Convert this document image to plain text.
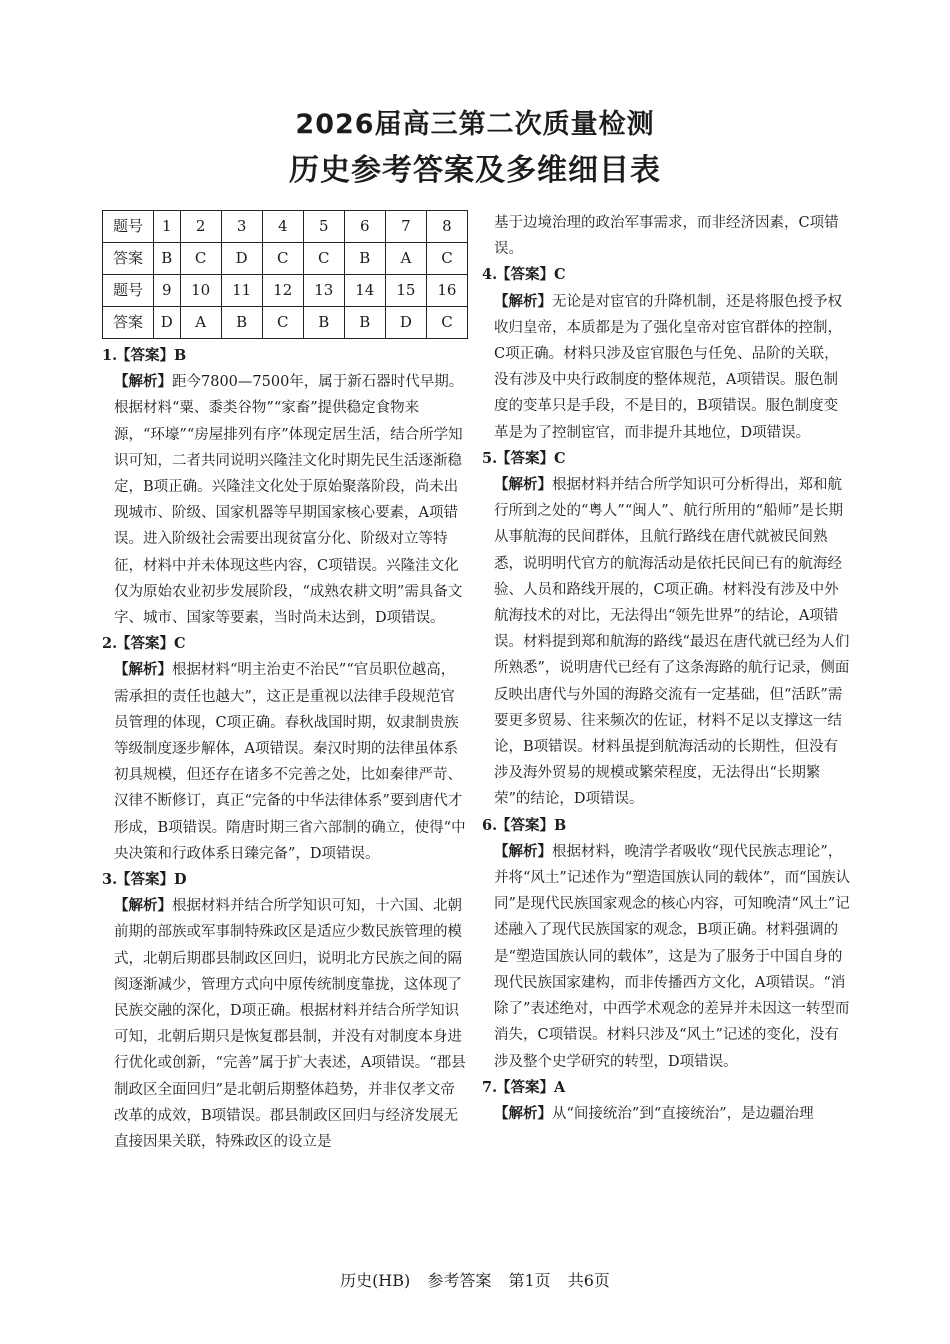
2026届高三第二次质量检测
历史参考答案及多维细目表
题号	1	2	3	4	5	6	7	8
答案	B	C	D	C	C	B	A	C
题号	9	10	11	12	13	14	15	16
答案	D	A	B	C	B	B	D	C
1.【答案】B
【解析】距今7800—7500年，属于新石器时代早期。根据材料“粟、黍类谷物”“家畜”提供稳定食物来源，“环壕”“房屋排列有序”体现定居生活，结合所学知识可知，二者共同说明兴隆洼文化时期先民生活逐渐稳定，B项正确。兴隆洼文化处于原始聚落阶段，尚未出现城市、阶级、国家机器等早期国家核心要素，A项错误。进入阶级社会需要出现贫富分化、阶级对立等特征，材料中并未体现这些内容，C项错误。兴隆洼文化仅为原始农业初步发展阶段，“成熟农耕文明”需具备文字、城市、国家等要素，当时尚未达到，D项错误。
2.【答案】C
【解析】根据材料“明主治吏不治民”“官员职位越高，需承担的责任也越大”，这正是重视以法律手段规范官员管理的体现，C项正确。春秋战国时期，奴隶制贵族等级制度逐步解体，A项错误。秦汉时期的法律虽体系初具规模，但还存在诸多不完善之处，比如秦律严苛、汉律不断修订，真正“完备的中华法律体系”要到唐代才形成，B项错误。隋唐时期三省六部制的确立，使得“中央决策和行政体系日臻完备”，D项错误。
3.【答案】D
【解析】根据材料并结合所学知识可知，十六国、北朝前期的部族或军事制特殊政区是适应少数民族管理的模式，北朝后期郡县制政区回归，说明北方民族之间的隔阂逐渐减少，管理方式向中原传统制度靠拢，这体现了民族交融的深化，D项正确。根据材料并结合所学知识可知，北朝后期只是恢复郡县制，并没有对制度本身进行优化或创新，“完善”属于扩大表述，A项错误。“郡县制政区全面回归”是北朝后期整体趋势，并非仅孝文帝改革的成效，B项错误。郡县制政区回归与经济发展无直接因果关联，特殊政区的设立是
基于边境治理的政治军事需求，而非经济因素，C项错误。
4.【答案】C
【解析】无论是对宦官的升降机制，还是将服色授予权收归皇帝，本质都是为了强化皇帝对宦官群体的控制，C项正确。材料只涉及宦官服色与任免、品阶的关联，没有涉及中央行政制度的整体规范，A项错误。服色制度的变革只是手段，不是目的，B项错误。服色制度变革是为了控制宦官，而非提升其地位，D项错误。
5.【答案】C
【解析】根据材料并结合所学知识可分析得出，郑和航行所到之处的“粤人”“闽人”、航行所用的“船师”是长期从事航海的民间群体，且航行路线在唐代就被民间熟悉，说明明代官方的航海活动是依托民间已有的航海经验、人员和路线开展的，C项正确。材料没有涉及中外航海技术的对比，无法得出“领先世界”的结论，A项错误。材料提到郑和航海的路线“最迟在唐代就已经为人们所熟悉”，说明唐代已经有了这条海路的航行记录，侧面反映出唐代与外国的海路交流有一定基础，但“活跃”需要更多贸易、往来频次的佐证，材料不足以支撑这一结论，B项错误。材料虽提到航海活动的长期性，但没有涉及海外贸易的规模或繁荣程度，无法得出“长期繁荣”的结论，D项错误。
6.【答案】B
【解析】根据材料，晚清学者吸收“现代民族志理论”，并将“风土”记述作为“塑造国族认同的载体”，而“国族认同”是现代民族国家观念的核心内容，可知晚清“风土”记述融入了现代民族国家的观念，B项正确。材料强调的是“塑造国族认同的载体”，这是为了服务于中国自身的现代民族国家建构，而非传播西方文化，A项错误。“消除了”表述绝对，中西学术观念的差异并未因这一转型而消失，C项错误。材料只涉及“风土”记述的变化，没有涉及整个史学研究的转型，D项错误。
7.【答案】A
【解析】从“间接统治”到“直接统治”，是边疆治理
历史(HB) 参考答案 第1页 共6页
